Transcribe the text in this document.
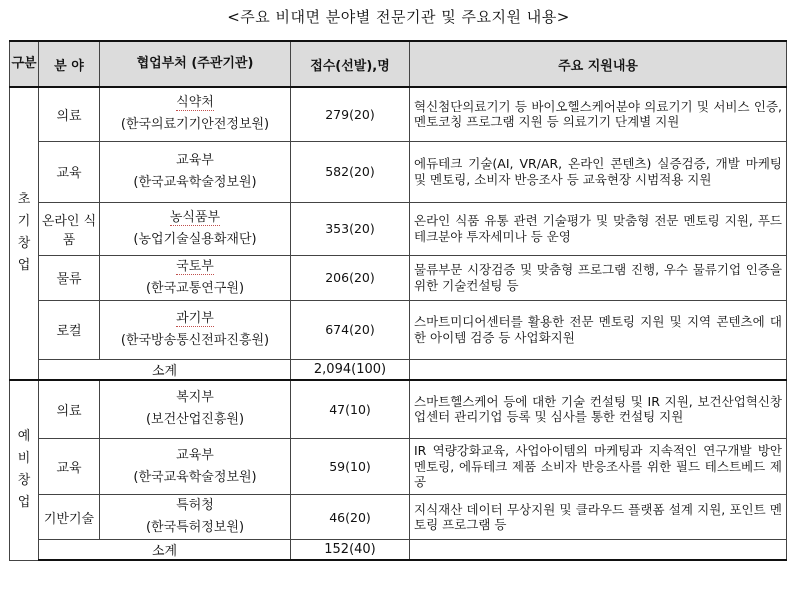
<주요 비대면 분야별 전문기관 및 주요지원 내용>
구분	분 야	협업부처 (주관기관)	접수(선발),명	주요 지원내용

초
기
창
업	의료	식약처
(한국의료기기안전정보원)	279(20)	혁신첨단의료기기 등 바이오헬스케어분야 의료기기 및 서비스 인증, 멘토코칭 프로그램 지원 등 의료기기 단계별 지원
	교육	교육부
(한국교육학술정보원)	582(20)	에듀테크 기술(AI, VR/AR, 온라인 콘텐츠) 실증검증, 개발 마케팅 및 멘토링, 소비자 반응조사 등 교육현장 시범적용 지원
	온라인 식품	농식품부
(농업기술실용화재단)	353(20)	온라인 식품 유통 관련 기술평가 및 맞춤형 전문 멘토링 지원, 푸드테크분야 투자세미나 등 운영
	물류	국토부
(한국교통연구원)	206(20)	물류부문 시장검증 및 맞춤형 프로그램 진행, 우수 물류기업 인증을 위한 기술컨설팅 등
	로컬	과기부
(한국방송통신전파진흥원)	674(20)	스마트미디어센터를 활용한 전문 멘토링 지원 및 지역 콘텐츠에 대한 아이템 검증 등 사업화지원
	소계		2,094(100)	

예
비
창
업	의료	복지부
(보건산업진흥원)	47(10)	스마트헬스케어 등에 대한 기술 컨설팅 및 IR 지원, 보건산업혁신창업센터 관리기업 등록 및 심사를 통한 컨설팅 지원
	교육	교육부
(한국교육학술정보원)	59(10)	IR 역량강화교육, 사업아이템의 마케팅과 지속적인 연구개발 방안 멘토링, 에듀테크 제품 소비자 반응조사를 위한 필드 테스트베드 제공
	기반기술	특허청
(한국특허정보원)	46(20)	지식재산 데이터 무상지원 및 클라우드 플랫폼 설계 지원, 포인트 멘토링 프로그램 등
	소계		152(40)	
